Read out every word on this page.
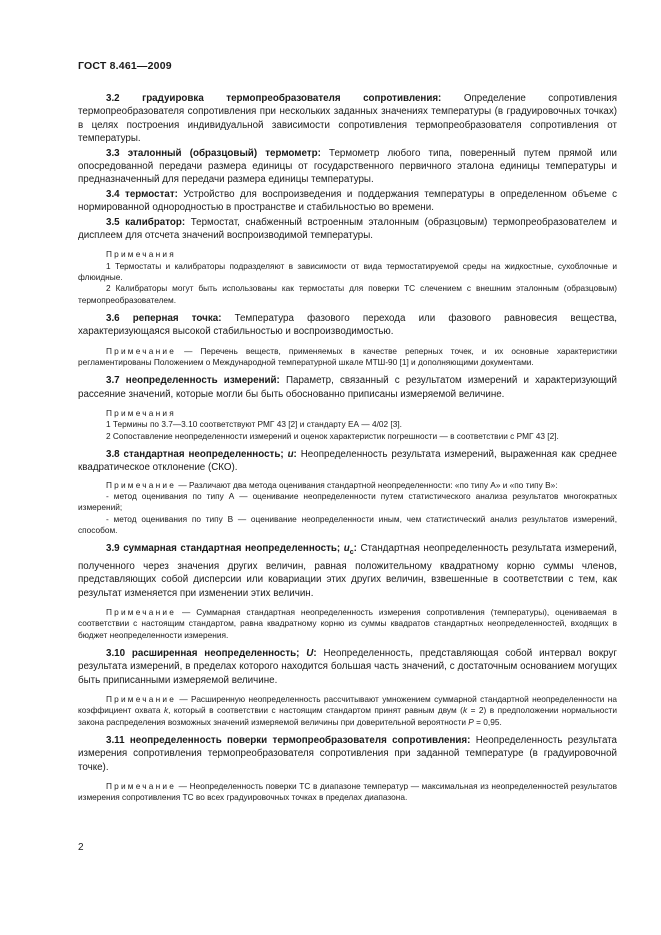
ГОСТ 8.461—2009

3.2 градуировка термопреобразователя сопротивления: Определение сопротивления термопреобразователя сопротивления при нескольких заданных значениях температуры (в градуировочных точках) в целях построения индивидуальной зависимости сопротивления термопреобразователя сопротивления от температуры.

3.3 эталонный (образцовый) термометр: Термометр любого типа, поверенный путем прямой или опосредованной передачи размера единицы от государственного первичного эталона единицы температуры и предназначенный для передачи размера единицы температуры.

3.4 термостат: Устройство для воспроизведения и поддержания температуры в определенном объеме с нормированной однородностью в пространстве и стабильностью во времени.

3.5 калибратор: Термостат, снабженный встроенным эталонным (образцовым) термопреобразователем и дисплеем для отсчета значений воспроизводимой температуры.

Примечания

1 Термостаты и калибраторы подразделяют в зависимости от вида термостатируемой среды на жидкостные, сухоблочные и флюидные.

2 Калибраторы могут быть использованы как термостаты для поверки ТС слечением с внешним эталонным (образцовым) термопреобразователем.

3.6 реперная точка: Температура фазового перехода или фазового равновесия вещества, характеризующаяся высокой стабильностью и воспроизводимостью.

Примечание — Перечень веществ, применяемых в качестве реперных точек, и их основные характеристики регламентированы Положением о Международной температурной шкале МТШ-90 [1] и дополняющими документами.

3.7 неопределенность измерений: Параметр, связанный с результатом измерений и характеризующий рассеяние значений, которые могли бы быть обоснованно приписаны измеряемой величине.

Примечания

1 Термины по 3.7—3.10 соответствуют РМГ 43 [2] и стандарту ЕА — 4/02 [3].

2 Сопоставление неопределенности измерений и оценок характеристик погрешности — в соответствии с РМГ 43 [2].

3.8 стандартная неопределенность; u: Неопределенность результата измерений, выраженная как среднее квадратическое отклонение (СКО).

Примечание — Различают два метода оценивания стандартной неопределенности: «по типу А» и «по типу В»:

- метод оценивания по типу А — оценивание неопределенности путем статистического анализа результатов многократных измерений;

- метод оценивания по типу В — оценивание неопределенности иным, чем статистический анализ результатов измерений, способом.

3.9 суммарная стандартная неопределенность; $u_c$: Стандартная неопределенность результата измерений, полученного через значения других величин, равная положительному квадратному корню суммы членов, представляющих собой дисперсии или ковариации этих других величин, взвешенные в соответствии с тем, как результат изменяется при изменении этих величин.

Примечание — Суммарная стандартная неопределенность измерения сопротивления (температуры), оцениваемая в соответствии с настоящим стандартом, равна квадратному корню из суммы квадратов стандартных неопределенностей, входящих в бюджет неопределенности измерения.

3.10 расширенная неопределенность; U: Неопределенность, представляющая собой интервал вокруг результата измерений, в пределах которого находится большая часть значений, с достаточным основанием могущих быть приписанными измеряемой величине.

Примечание — Расширенную неопределенность рассчитывают умножением суммарной стандартной неопределенности на коэффициент охвата k, который в соответствии с настоящим стандартом принят равным двум (k = 2) в предположении нормальности закона распределения возможных значений измеряемой величины при доверительной вероятности P = 0,95.

3.11 неопределенность поверки термопреобразователя сопротивления: Неопределенность результата измерения сопротивления термопреобразователя сопротивления при заданной температуре (в градуировочной точке).

Примечание — Неопределенность поверки ТС в диапазоне температур — максимальная из неопределенностей результатов измерения сопротивления ТС во всех градуировочных точках в пределах диапазона.

2
